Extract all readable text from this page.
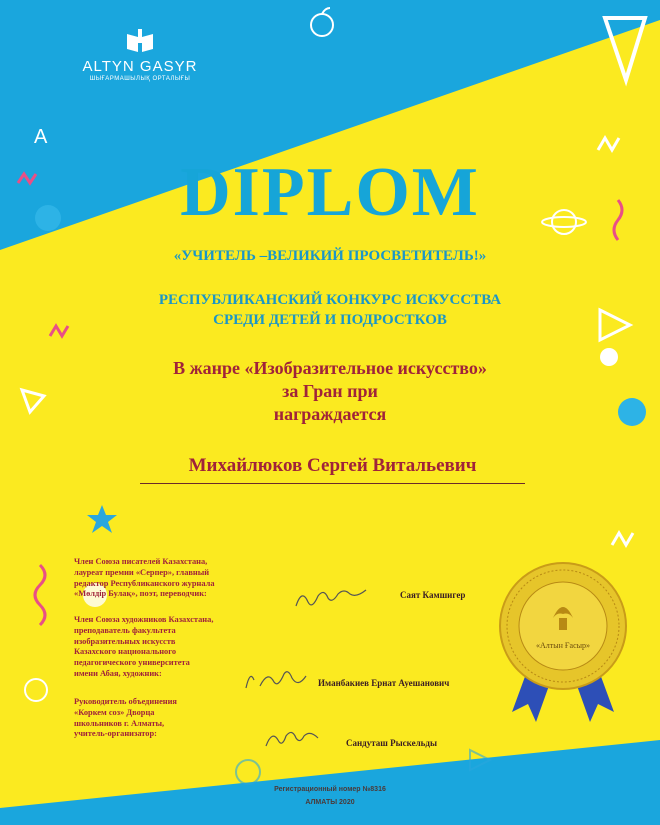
A
ALTYN GASYR
ШЫҒАРМАШЫЛЫҚ ОРТАЛЫҒЫ
DIPLOM
«УЧИТЕЛЬ –ВЕЛИКИЙ ПРОСВЕТИТЕЛЬ!»
РЕСПУБЛИКАНСКИЙ КОНКУРС ИСКУССТВА
СРЕДИ ДЕТЕЙ И ПОДРОСТКОВ
В жанре «Изобразительное искусство»
за Гран при
награждается
Михайлюков Сергей Витальевич
Член Союза писателей Казахстана,
лауреат премии «Серпер», главный
редактор Республиканского журнала
«Мөлдір Булақ», поэт, переводчик:	Саят Камшигер
Член Союза художников Казахстана,
преподаватель факультета
изобразительных искусств
Казахского национального
педагогического университета
имени Абая, художник:
Иманбакиев Ернат Ауешанович
Руководитель объединения
«Коркем соз» Дворца
школьников г. Алматы,
учитель-организатор:
Сандуташ Рыскельды
Регистрационный номер №8316
АЛМАТЫ 2020
«Алтын Ғасыр»
